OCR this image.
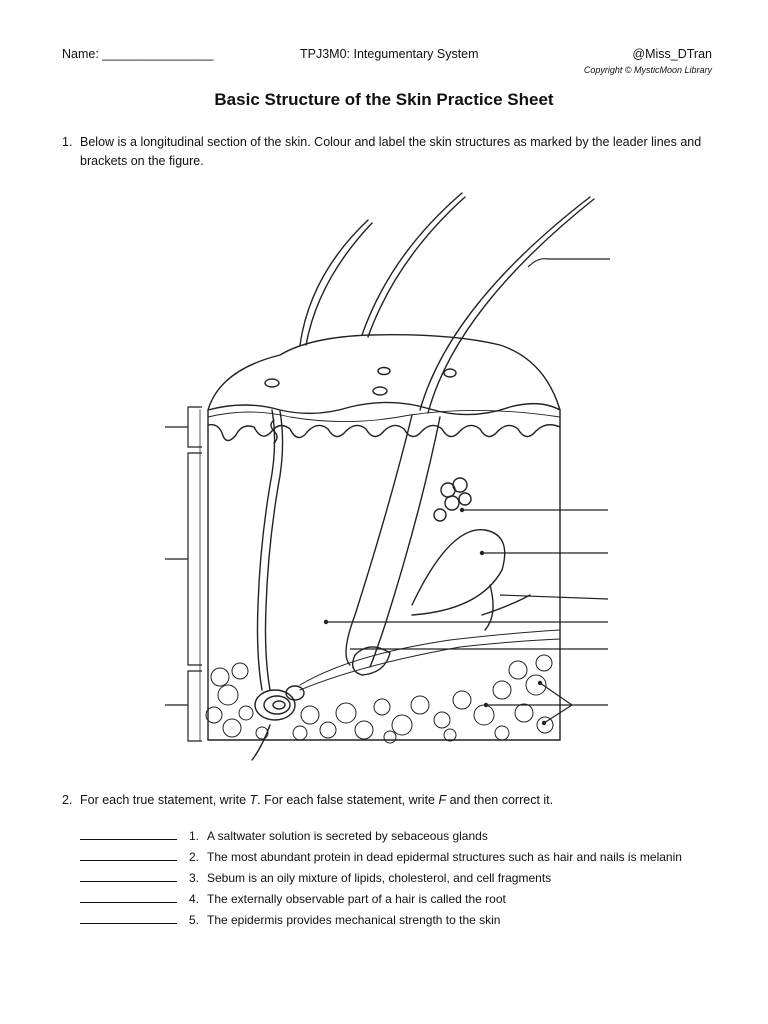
Name: ________________	TPJ3M0: Integumentary System	@Miss_DTran
Copyright © MysticMoon Library
Basic Structure of the Skin Practice Sheet
1. Below is a longitudinal section of the skin. Colour and label the skin structures as marked by the leader lines and
brackets on the figure.
2. For each true statement, write T. For each false statement, write F and then correct it.
1. A saltwater solution is secreted by sebaceous glands
2. The most abundant protein in dead epidermal structures such as hair and nails is melanin
3. Sebum is an oily mixture of lipids, cholesterol, and cell fragments
4. The externally observable part of a hair is called the root
5. The epidermis provides mechanical strength to the skin
